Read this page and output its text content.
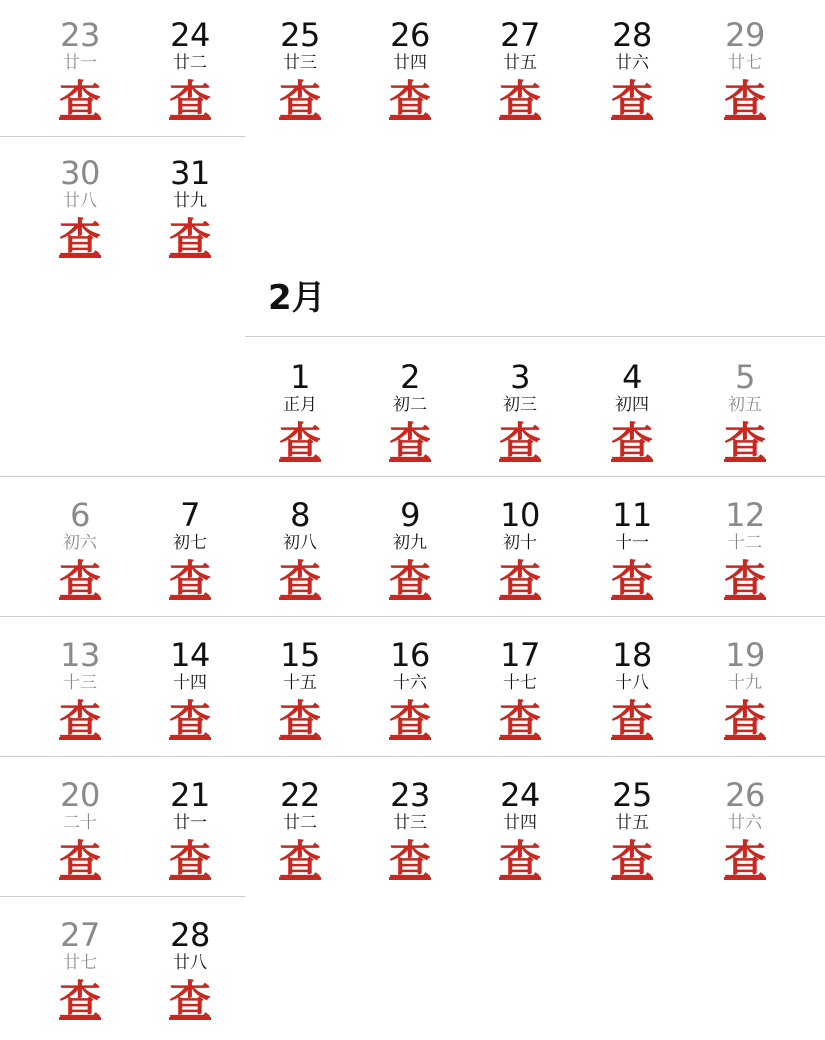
2月
23
廿一
查
24
廿二
查
25
廿三
查
26
廿四
查
27
廿五
查
28
廿六
查
29
廿七
查
30
廿八
查
31
廿九
查
1
正月
查
2
初二
查
3
初三
查
4
初四
查
5
初五
查
6
初六
查
7
初七
查
8
初八
查
9
初九
查
10
初十
查
11
十一
查
12
十二
查
13
十三
查
14
十四
查
15
十五
查
16
十六
查
17
十七
查
18
十八
查
19
十九
查
20
二十
查
21
廿一
查
22
廿二
查
23
廿三
查
24
廿四
查
25
廿五
查
26
廿六
查
27
廿七
查
28
廿八
查
